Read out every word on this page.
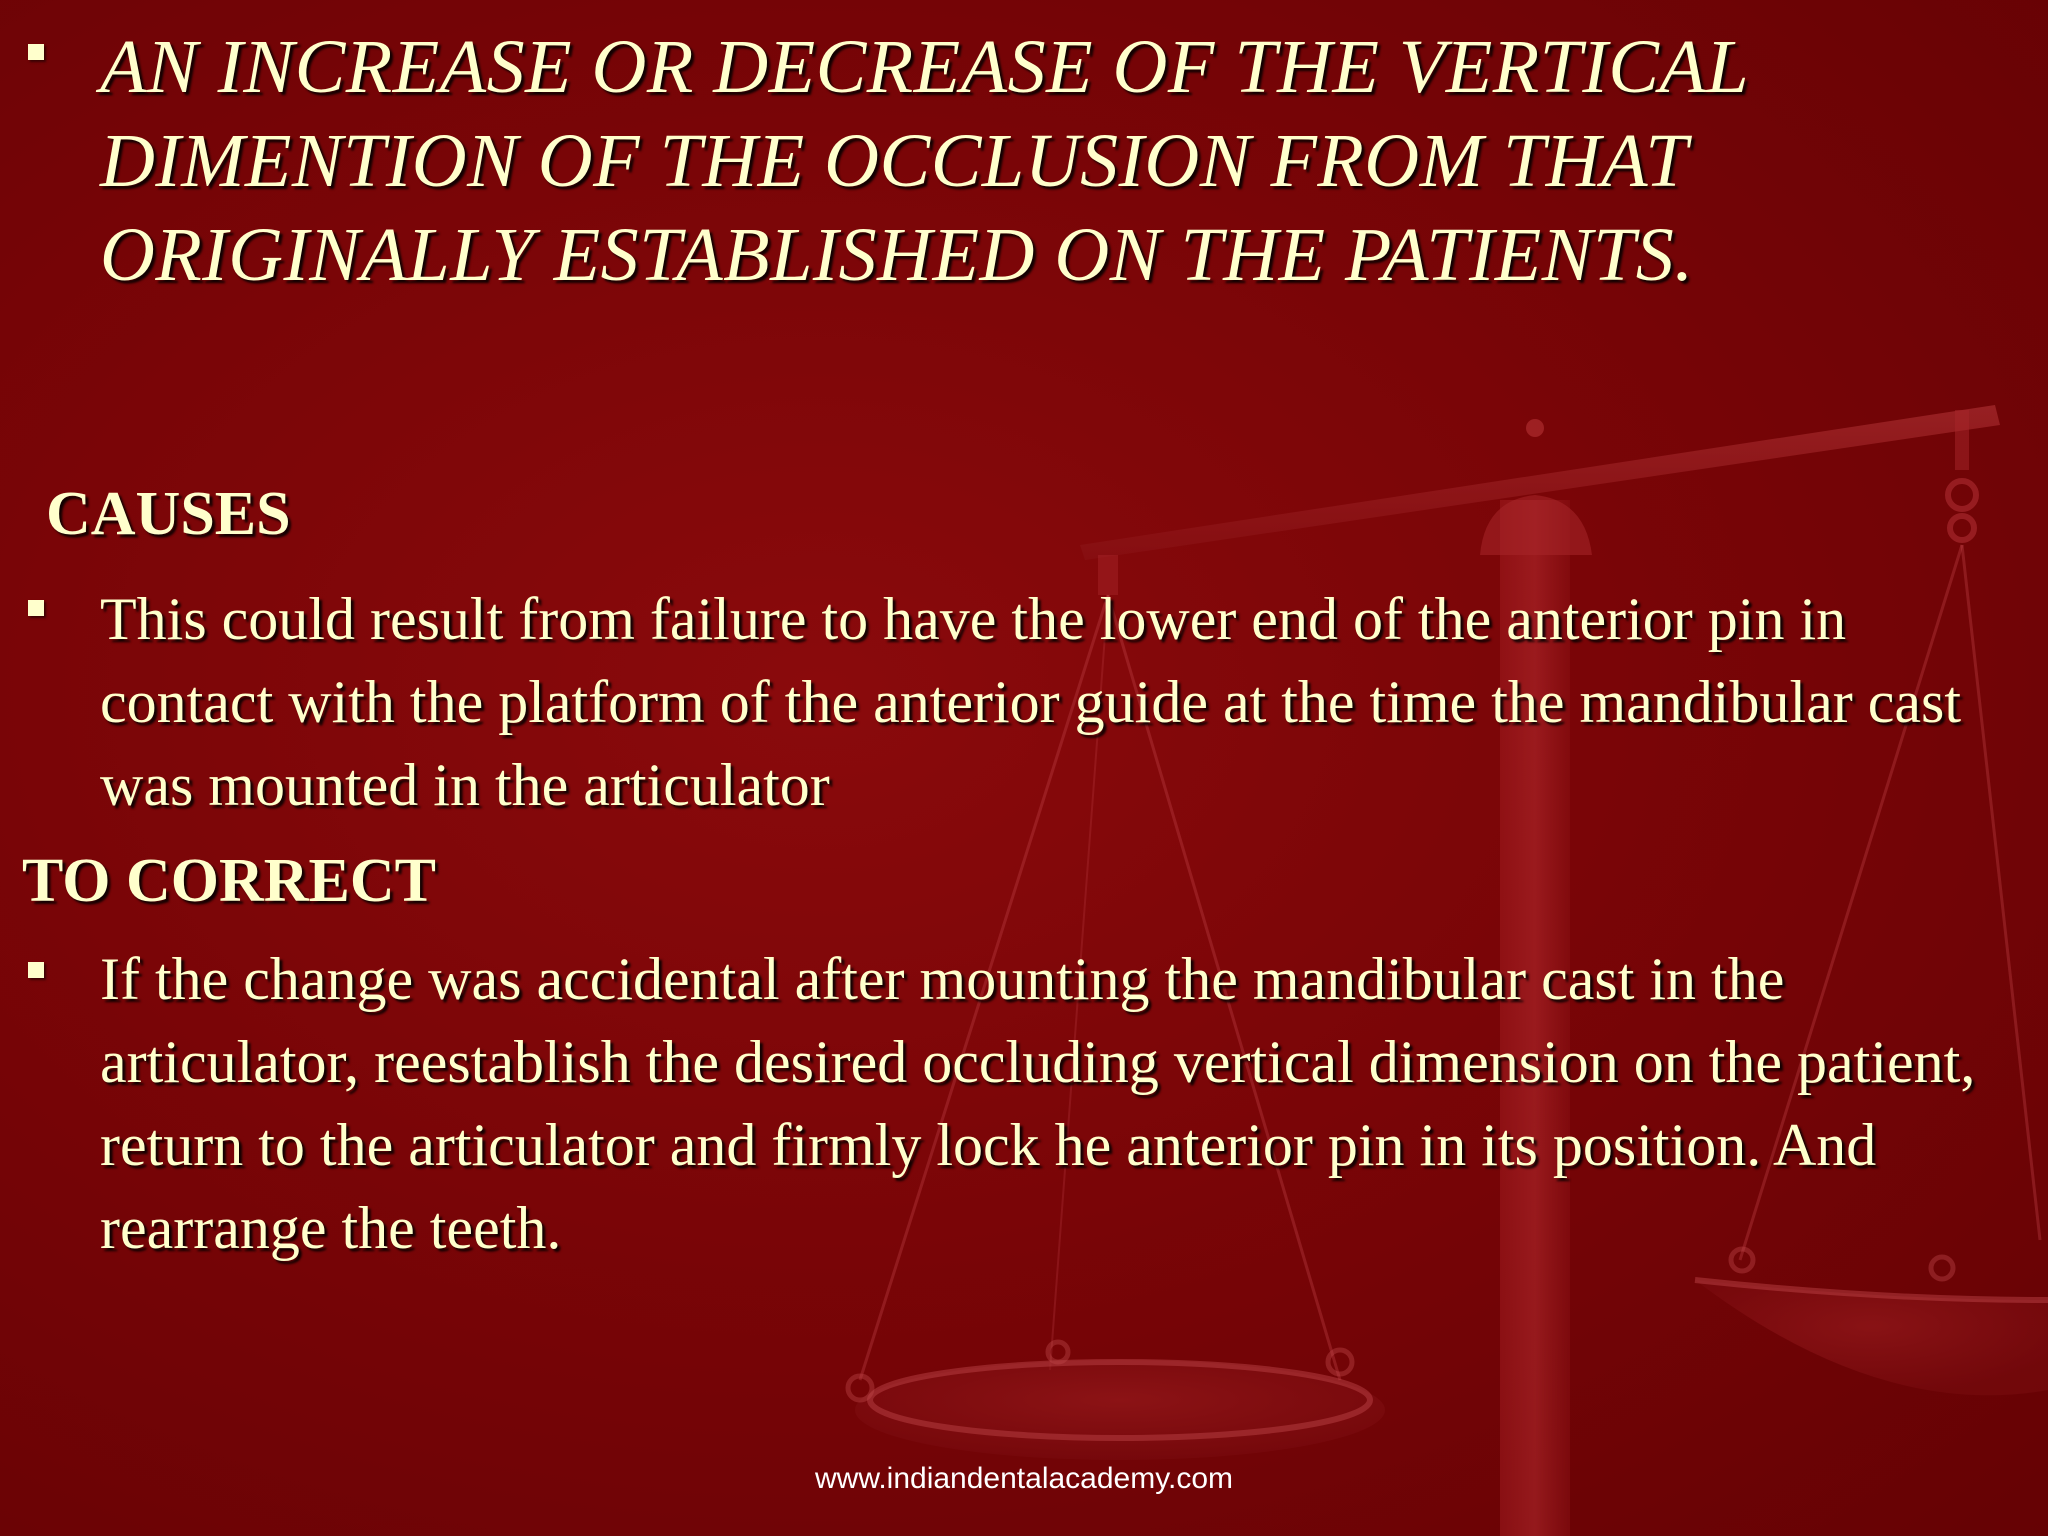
AN INCREASE OR DECREASE OF THE VERTICAL DIMENTION OF THE OCCLUSION FROM THAT ORIGINALLY ESTABLISHED ON THE PATIENTS.
CAUSES
This could result from failure to have the lower end of the anterior pin in contact with the platform of the anterior guide at the time the mandibular cast was mounted in the articulator
TO CORRECT
If the change was accidental after mounting the mandibular cast in the articulator, reestablish the desired occluding vertical dimension on the patient, return to the articulator and firmly lock he anterior pin in its position. And rearrange the teeth.
www.indiandentalacademy.com
